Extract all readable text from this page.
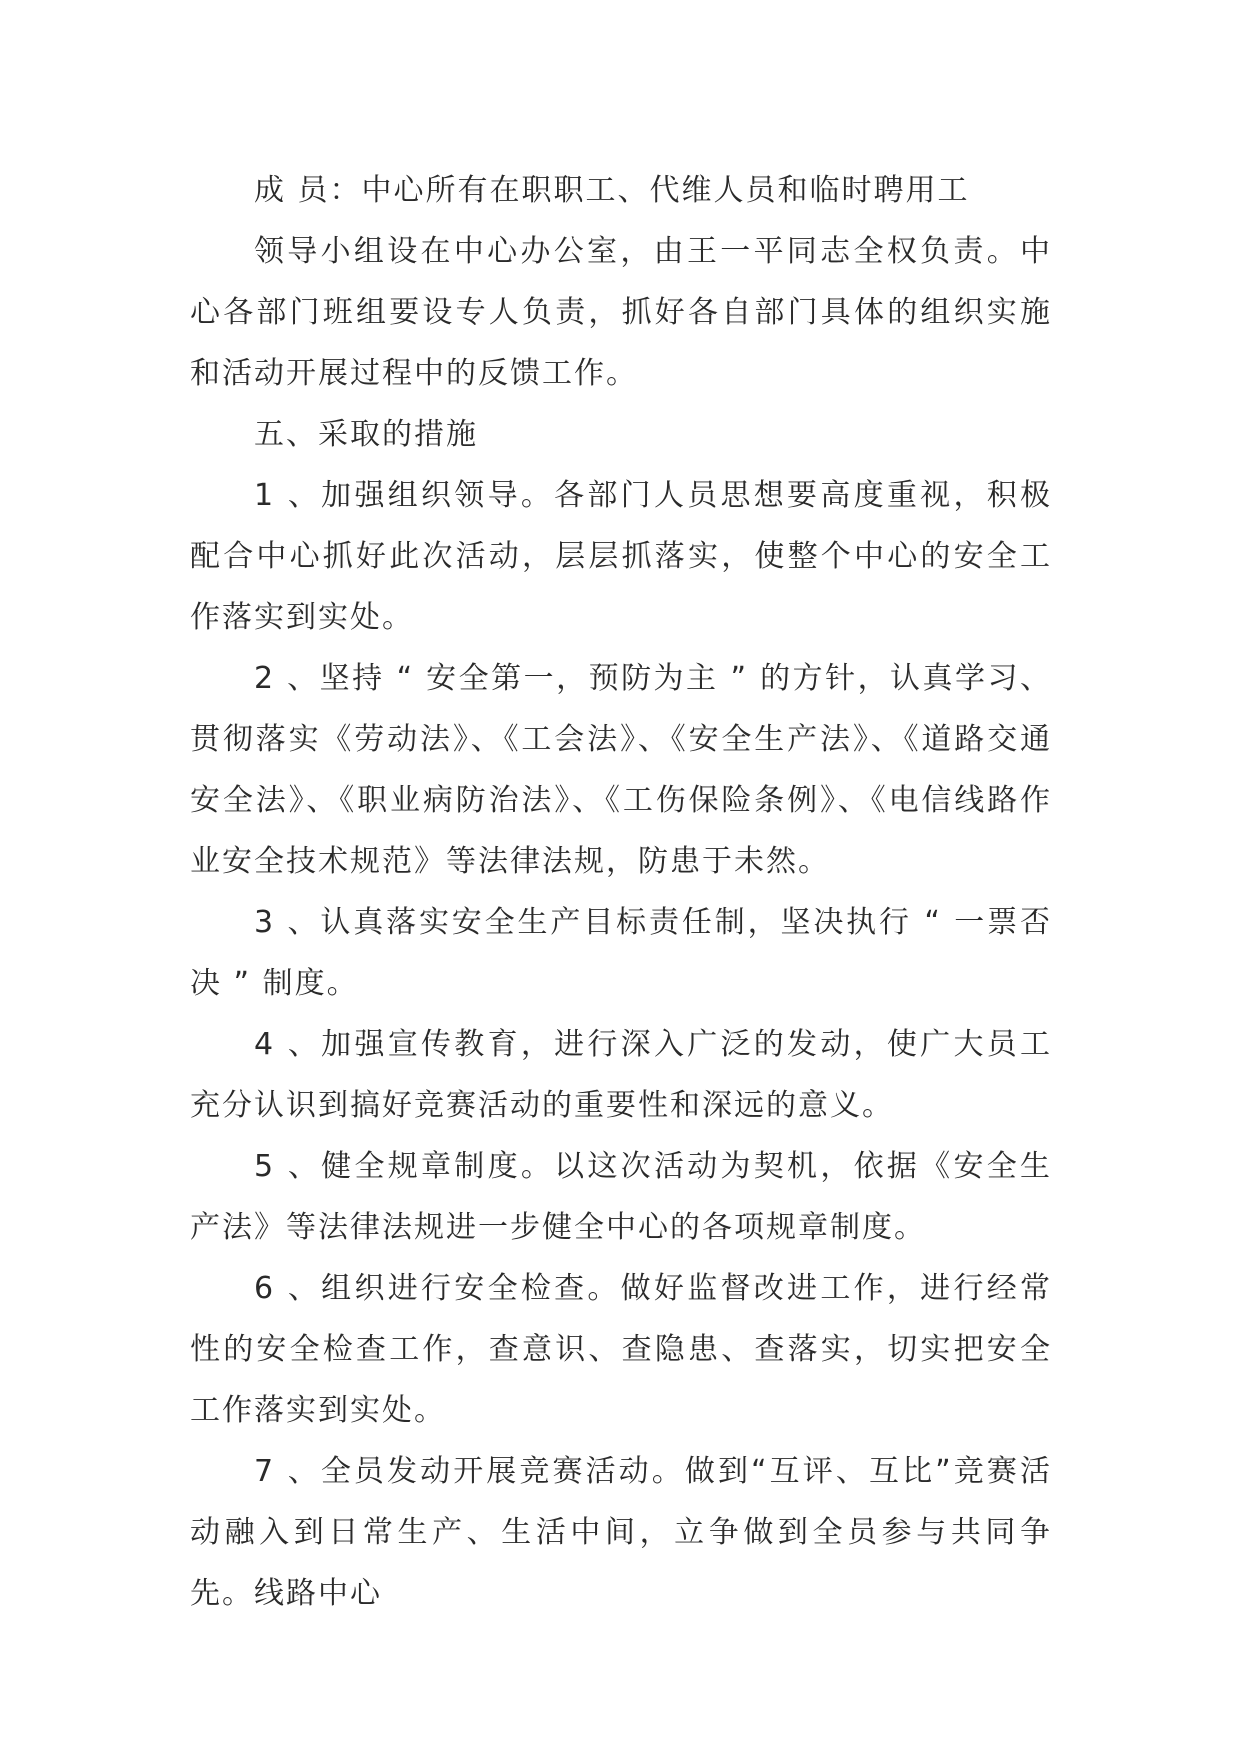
成 员：中心所有在职职工、代维人员和临时聘用工

领导小组设在中心办公室，由王一平同志全权负责。中心各部门班组要设专人负责，抓好各自部门具体的组织实施和活动开展过程中的反馈工作。

五、采取的措施

1 、加强组织领导。各部门人员思想要高度重视，积极配合中心抓好此次活动，层层抓落实，使整个中心的安全工作落实到实处。

2 、坚持 “ 安全第一，预防为主 ” 的方针，认真学习、贯彻落实《劳动法》、《工会法》、《安全生产法》、《道路交通安全法》、《职业病防治法》、《工伤保险条例》、《电信线路作业安全技术规范》等法律法规，防患于未然。

3 、认真落实安全生产目标责任制，坚决执行 “ 一票否决 ” 制度。

4 、加强宣传教育，进行深入广泛的发动，使广大员工充分认识到搞好竞赛活动的重要性和深远的意义。

5 、健全规章制度。以这次活动为契机，依据《安全生产法》等法律法规进一步健全中心的各项规章制度。

6 、组织进行安全检查。做好监督改进工作，进行经常性的安全检查工作，查意识、查隐患、查落实，切实把安全工作落实到实处。

7 、全员发动开展竞赛活动。做到“互评、互比”竞赛活动融入到日常生产、生活中间，立争做到全员参与共同争先。线路中心
